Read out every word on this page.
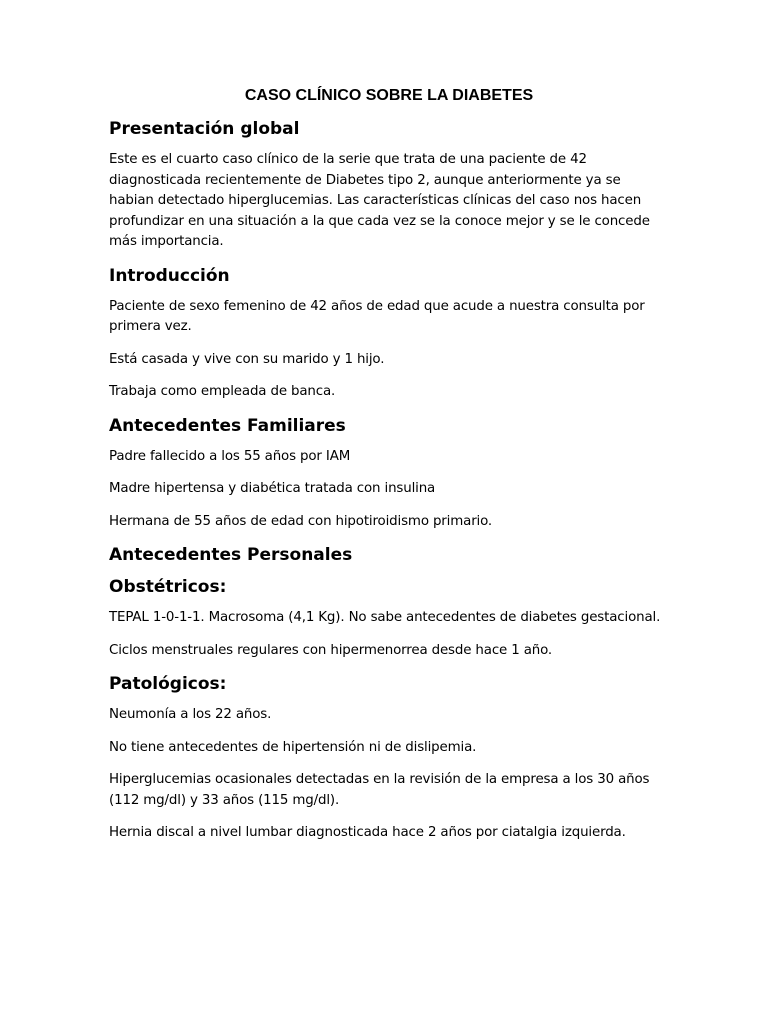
CASO CLÍNICO SOBRE LA DIABETES
Presentación global

Este es el cuarto caso clínico de la serie que trata de una paciente de 42 diagnosticada recientemente de Diabetes tipo 2, aunque anteriormente ya se habian detectado hiperglucemias. Las características clínicas del caso nos hacen profundizar en una situación a la que cada vez se la conoce mejor y se le concede más importancia.

Introducción

Paciente de sexo femenino de 42 años de edad que acude a nuestra consulta por primera vez.

Está casada y vive con su marido y 1 hijo.

Trabaja como empleada de banca.

Antecedentes Familiares

Padre fallecido a los 55 años por IAM

Madre hipertensa y diabética tratada con insulina

Hermana de 55 años de edad con hipotiroidismo primario.

Antecedentes Personales
Obstétricos:

TEPAL 1-0-1-1. Macrosoma (4,1 Kg). No sabe antecedentes de diabetes gestacional.

Ciclos menstruales regulares con hipermenorrea desde hace 1 año.

Patológicos:

Neumonía a los 22 años.

No tiene antecedentes de hipertensión ni de dislipemia.

Hiperglucemias ocasionales detectadas en la revisión de la empresa a los 30 años (112 mg/dl) y 33 años (115 mg/dl).

Hernia discal a nivel lumbar diagnosticada hace 2 años por ciatalgia izquierda.
